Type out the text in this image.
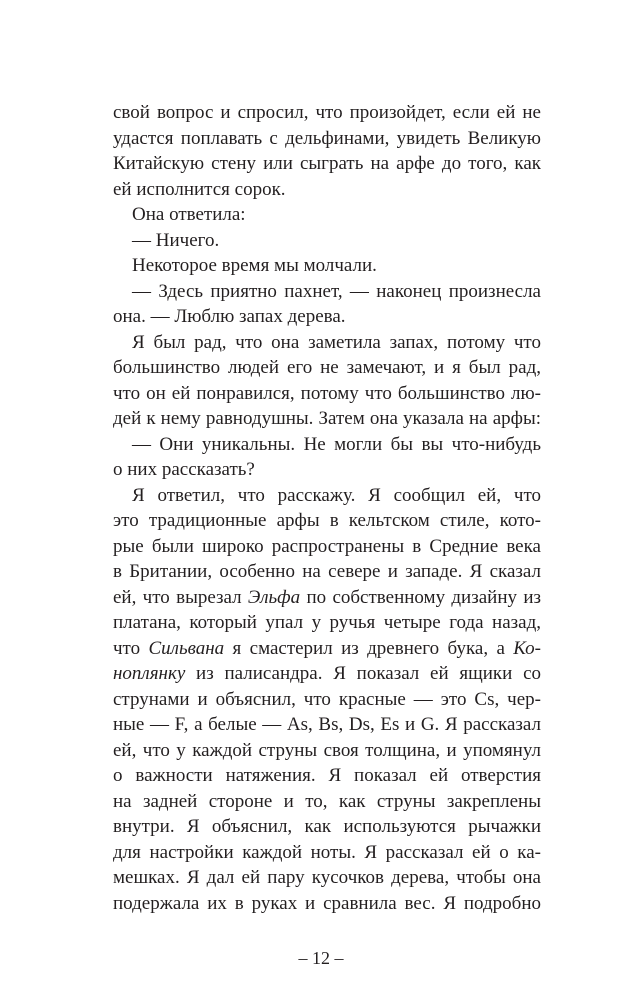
свой вопрос и спросил, что произойдет, если ей не
удастся поплавать с дельфинами, увидеть Великую
Китайскую стену или сыграть на арфе до того, как
ей исполнится сорок.
Она ответила:
— Ничего.
Некоторое время мы молчали.
— Здесь приятно пахнет, — наконец произнесла
она. — Люблю запах дерева.
Я был рад, что она заметила запах, потому что
большинство людей его не замечают, и я был рад,
что он ей понравился, потому что большинство лю-
дей к нему равнодушны. Затем она указала на арфы:
— Они уникальны. Не могли бы вы что-нибудь
о них рассказать?
Я ответил, что расскажу. Я сообщил ей, что
это традиционные арфы в кельтском стиле, кото-
рые были широко распространены в Средние века
в Британии, особенно на севере и западе. Я сказал
ей, что вырезал Эльфа по собственному дизайну из
платана, который упал у ручья четыре года назад,
что Сильвана я смастерил из древнего бука, а Ко-
ноплянку из палисандра. Я показал ей ящики со
струнами и объяснил, что красные — это Cs, чер-
ные — F, а белые — As, Bs, Ds, Es и G. Я рассказал
ей, что у каждой струны своя толщина, и упомянул
о важности натяжения. Я показал ей отверстия
на задней стороне и то, как струны закреплены
внутри. Я объяснил, как используются рычажки
для настройки каждой ноты. Я рассказал ей о ка-
мешках. Я дал ей пару кусочков дерева, чтобы она
подержала их в руках и сравнила вес. Я подробно
– 12 –
